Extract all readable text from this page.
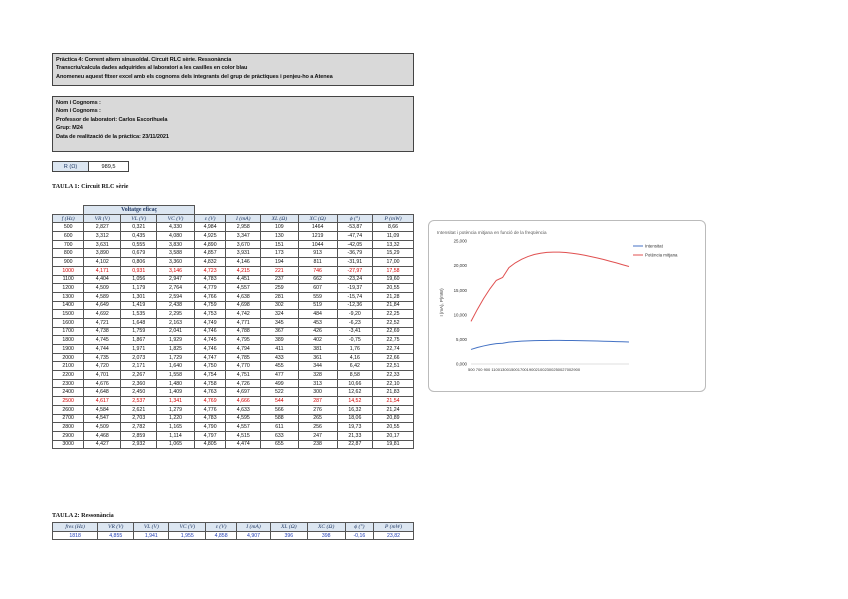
Pràctica 4: Corrent altern sinusoïdal. Circuit RLC sèrie. Ressonància
Transcriu/calcula dades adquirides al laboratori a les casilles en color blau
Anomeneu aquest fitxer excel amb els cognoms dels integrants del grup de pràctiques i penjeu-ho a Atenea
Nom i Cognoms :
Nom i Cognoms :
Professor de laboratori: Carlos Escorihuela
Grup: M24
Data de realització de la pràctica: 23/11/2021
R (Ω)	989,5
TAULA 1: Circuit RLC sèrie
	Voltatge eficaç								
f (Hz)	VR (V)	VL (V)	VC (V)	ε (V)	I (mA)	XL (Ω)	XC (Ω)	ϕ (°)	P (mW)
500	2,827	0,321	4,330	4,984	2,958	109	1464	-53,87	8,66
600	3,312	0,435	4,080	4,925	3,347	130	1219	-47,74	11,09
700	3,631	0,555	3,830	4,890	3,670	151	1044	-42,05	13,32
800	3,890	0,679	3,588	4,857	3,931	173	913	-36,79	15,29
900	4,102	0,806	3,360	4,832	4,146	194	811	-31,91	17,00
1000	4,171	0,931	3,146	4,723	4,215	221	746	-27,97	17,58
1100	4,404	1,056	2,947	4,783	4,451	237	662	-23,24	19,60
1200	4,509	1,179	2,764	4,779	4,557	259	607	-19,37	20,55
1300	4,589	1,301	2,594	4,766	4,638	281	559	-15,74	21,28
1400	4,649	1,419	2,438	4,759	4,698	302	519	-12,36	21,84
1500	4,692	1,535	2,295	4,753	4,742	324	484	-9,20	22,25
1600	4,721	1,648	2,163	4,749	4,771	345	453	-6,23	22,52
1700	4,738	1,759	2,041	4,746	4,788	367	426	-3,41	22,69
1800	4,745	1,867	1,929	4,745	4,795	389	402	-0,75	22,75
1900	4,744	1,971	1,825	4,746	4,794	411	381	1,76	22,74
2000	4,735	2,073	1,729	4,747	4,785	433	361	4,16	22,66
2100	4,720	2,171	1,640	4,750	4,770	455	344	6,42	22,51
2200	4,701	2,267	1,558	4,754	4,751	477	328	8,58	22,33
2300	4,676	2,360	1,480	4,758	4,726	499	313	10,66	22,10
2400	4,648	2,450	1,409	4,763	4,697	522	300	12,62	21,83
2500	4,617	2,537	1,341	4,769	4,666	544	287	14,52	21,54
2600	4,584	2,621	1,279	4,776	4,633	566	276	16,32	21,24
2700	4,547	2,703	1,220	4,783	4,595	588	265	18,06	20,89
2800	4,509	2,782	1,165	4,790	4,557	611	256	19,73	20,55
2900	4,468	2,859	1,114	4,797	4,515	633	247	21,33	20,17
3000	4,427	2,932	1,065	4,805	4,474	655	238	22,87	19,81
TAULA 2: Ressonància
fres (Hz)	VR (V)	VL (V)	VC (V)	ε (V)	I (mA)	XL (Ω)	XC (Ω)	ϕ (°)	P (mW)
1818	4,855	1,941	1,955	4,858	4,907	396	398	-0,16	23,82
Intensitat i potència mitjana en funció de la freqüència
0,000
5,000
10,000
15,000
20,000
25,000
I (mA), P(mW)
500 700 900 1100130015001700190021002300250027002900
Intensitat
Potència mitjana
